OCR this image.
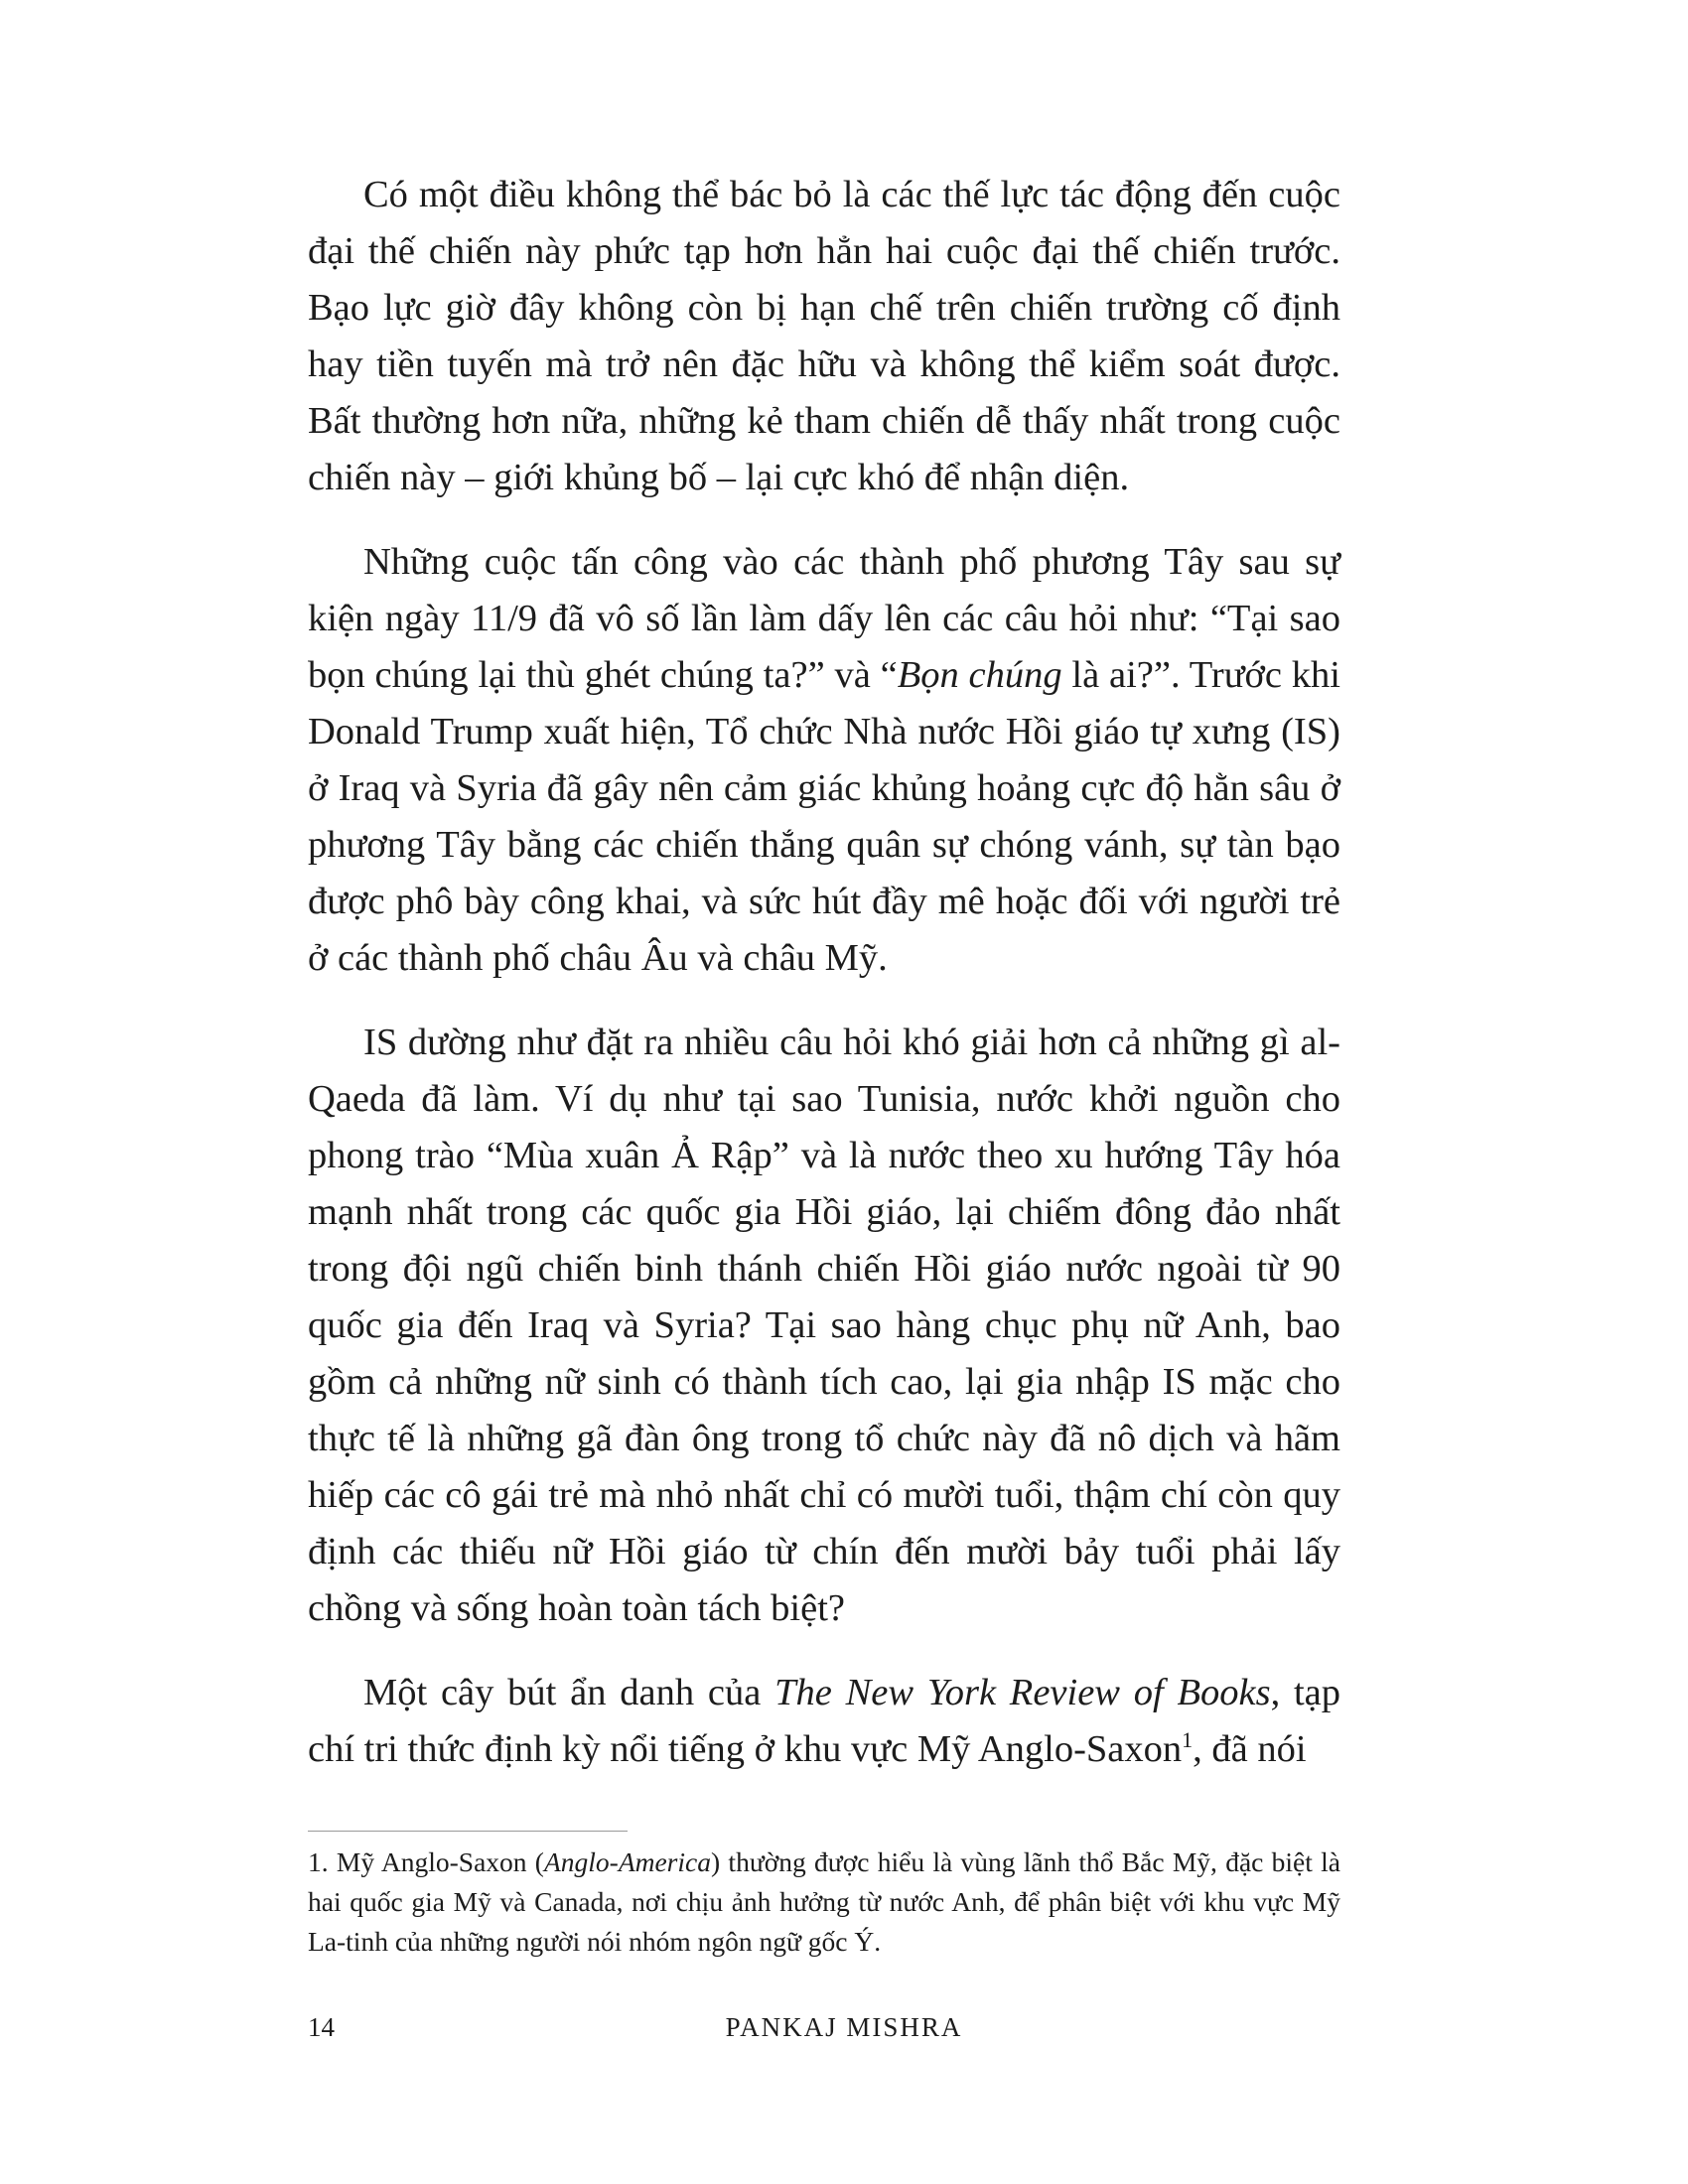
Có một điều không thể bác bỏ là các thế lực tác động đến cuộc đại thế chiến này phức tạp hơn hẳn hai cuộc đại thế chiến trước. Bạo lực giờ đây không còn bị hạn chế trên chiến trường cố định hay tiền tuyến mà trở nên đặc hữu và không thể kiểm soát được. Bất thường hơn nữa, những kẻ tham chiến dễ thấy nhất trong cuộc chiến này – giới khủng bố – lại cực khó để nhận diện.

Những cuộc tấn công vào các thành phố phương Tây sau sự kiện ngày 11/9 đã vô số lần làm dấy lên các câu hỏi như: “Tại sao bọn chúng lại thù ghét chúng ta?” và “Bọn chúng là ai?”. Trước khi Donald Trump xuất hiện, Tổ chức Nhà nước Hồi giáo tự xưng (IS) ở Iraq và Syria đã gây nên cảm giác khủng hoảng cực độ hằn sâu ở phương Tây bằng các chiến thắng quân sự chóng vánh, sự tàn bạo được phô bày công khai, và sức hút đầy mê hoặc đối với người trẻ ở các thành phố châu Âu và châu Mỹ.

IS dường như đặt ra nhiều câu hỏi khó giải hơn cả những gì al-Qaeda đã làm. Ví dụ như tại sao Tunisia, nước khởi nguồn cho phong trào “Mùa xuân Ả Rập” và là nước theo xu hướng Tây hóa mạnh nhất trong các quốc gia Hồi giáo, lại chiếm đông đảo nhất trong đội ngũ chiến binh thánh chiến Hồi giáo nước ngoài từ 90 quốc gia đến Iraq và Syria? Tại sao hàng chục phụ nữ Anh, bao gồm cả những nữ sinh có thành tích cao, lại gia nhập IS mặc cho thực tế là những gã đàn ông trong tổ chức này đã nô dịch và hãm hiếp các cô gái trẻ mà nhỏ nhất chỉ có mười tuổi, thậm chí còn quy định các thiếu nữ Hồi giáo từ chín đến mười bảy tuổi phải lấy chồng và sống hoàn toàn tách biệt?

Một cây bút ẩn danh của The New York Review of Books, tạp chí tri thức định kỳ nổi tiếng ở khu vực Mỹ Anglo-Saxon$^1$, đã nói

1. Mỹ Anglo-Saxon (Anglo-America) thường được hiểu là vùng lãnh thổ Bắc Mỹ, đặc biệt là hai quốc gia Mỹ và Canada, nơi chịu ảnh hưởng từ nước Anh, để phân biệt với khu vực Mỹ La-tinh của những người nói nhóm ngôn ngữ gốc Ý.

14	PANKAJ MISHRA
